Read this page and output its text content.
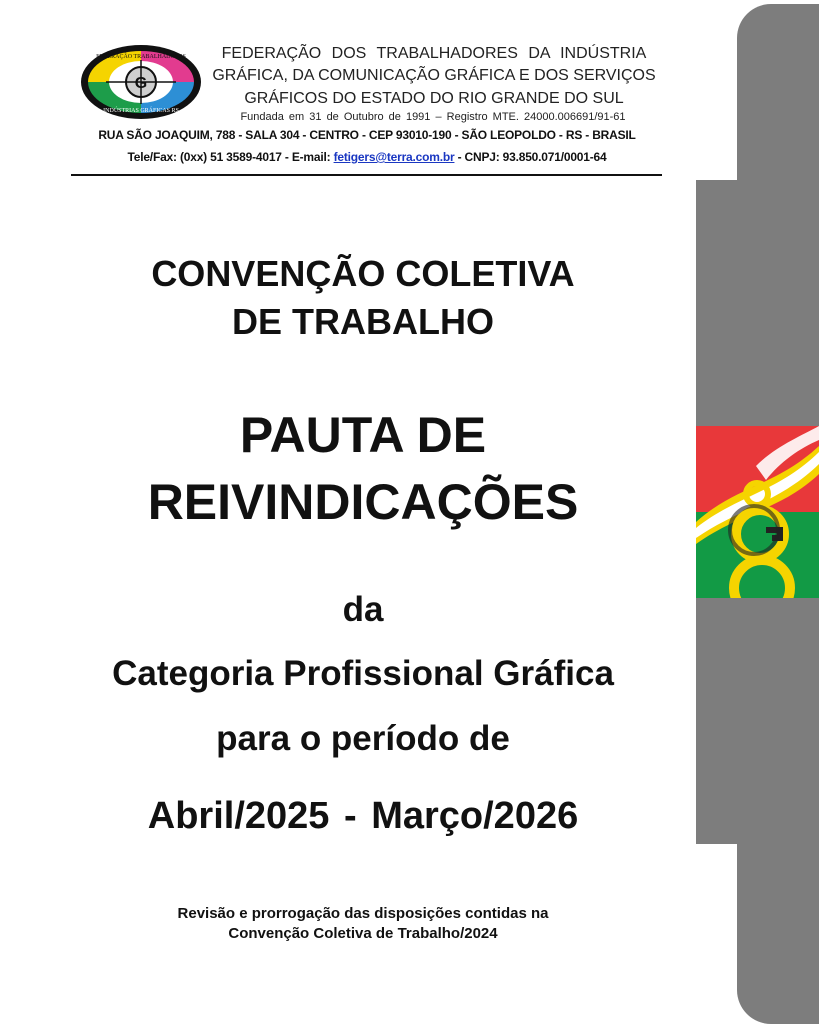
G
FEDERAÇÃO TRABALHADORES
INDÚSTRIAS GRÁFICAS RS
FEDERAÇÃO DOS TRABALHADORES DA INDÚSTRIA
GRÁFICA, DA COMUNICAÇÃO GRÁFICA E DOS SERVIÇOS
GRÁFICOS DO ESTADO DO RIO GRANDE DO SUL
Fundada em 31 de Outubro de 1991 – Registro MTE. 24000.006691/91-61
RUA SÃO JOAQUIM, 788 - SALA 304 - CENTRO - CEP 93010-190 - SÃO LEOPOLDO - RS - BRASIL
Tele/Fax: (0xx) 51 3589-4017 - E-mail: fetigers@terra.com.br - CNPJ: 93.850.071/0001-64
CONVENÇÃO COLETIVA
DE TRABALHO
PAUTA DE
REIVINDICAÇÕES
da
Categoria Profissional Gráfica
para o período de
Abril/2025 - Março/2026
Revisão e prorrogação das disposições contidas na
Convenção Coletiva de Trabalho/2024
